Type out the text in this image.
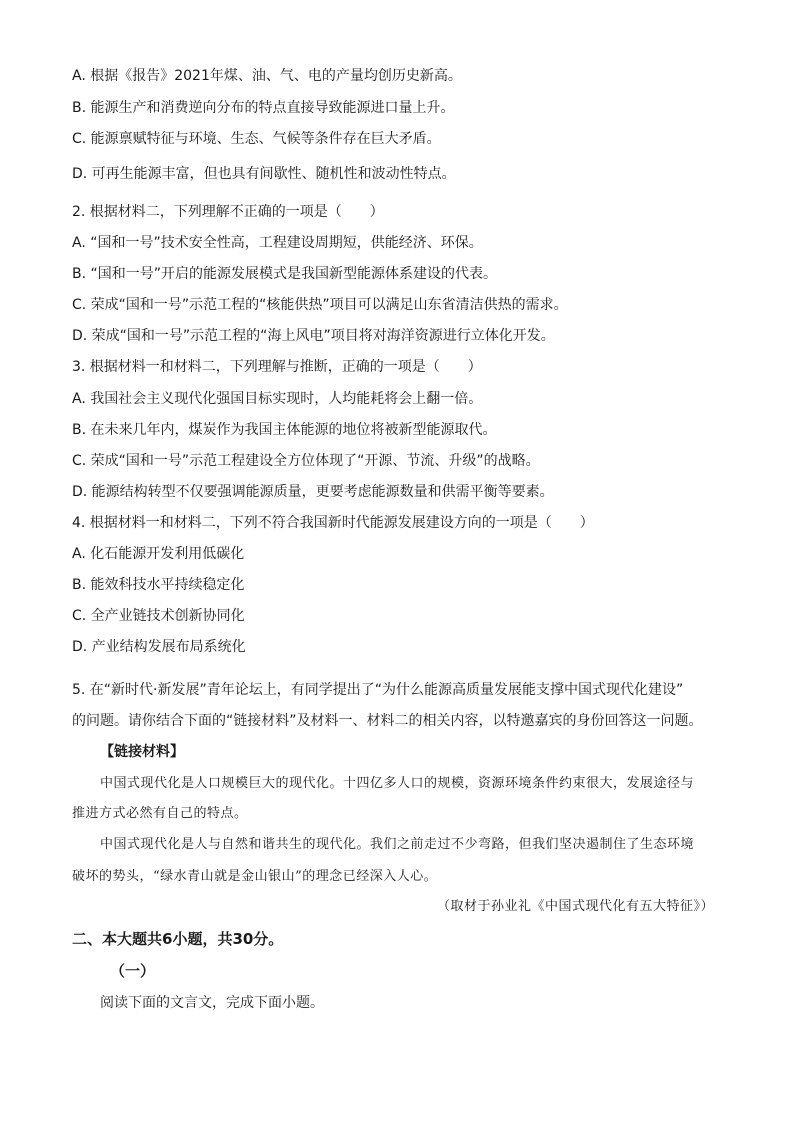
A. 根据《报告》2021年煤、油、气、电的产量均创历史新高。
B. 能源生产和消费逆向分布的特点直接导致能源进口量上升。
C. 能源禀赋特征与环境、生态、气候等条件存在巨大矛盾。
D. 可再生能源丰富，但也具有间歇性、随机性和波动性特点。
2. 根据材料二，下列理解不正确的一项是（　　）
A. “国和一号”技术安全性高，工程建设周期短，供能经济、环保。
B. “国和一号”开启的能源发展模式是我国新型能源体系建设的代表。
C. 荣成“国和一号”示范工程的“核能供热”项目可以满足山东省清洁供热的需求。
D. 荣成“国和一号”示范工程的“海上风电”项目将对海洋资源进行立体化开发。
3. 根据材料一和材料二，下列理解与推断，正确的一项是（　　）
A. 我国社会主义现代化强国目标实现时，人均能耗将会上翻一倍。
B. 在未来几年内，煤炭作为我国主体能源的地位将被新型能源取代。
C. 荣成“国和一号”示范工程建设全方位体现了“开源、节流、升级”的战略。
D. 能源结构转型不仅要强调能源质量，更要考虑能源数量和供需平衡等要素。
4. 根据材料一和材料二，下列不符合我国新时代能源发展建设方向的一项是（　　）
A. 化石能源开发利用低碳化
B. 能效科技水平持续稳定化
C. 全产业链技术创新协同化
D. 产业结构发展布局系统化
5. 在“新时代·新发展”青年论坛上，有同学提出了“为什么能源高质量发展能支撑中国式现代化建设”
的问题。请你结合下面的“链接材料”及材料一、材料二的相关内容，以特邀嘉宾的身份回答这一问题。
【链接材料】
中国式现代化是人口规模巨大的现代化。十四亿多人口的规模，资源环境条件约束很大，发展途径与
推进方式必然有自己的特点。
中国式现代化是人与自然和谐共生的现代化。我们之前走过不少弯路，但我们坚决遏制住了生态环境
破坏的势头，“绿水青山就是金山银山”的理念已经深入人心。
（取材于孙业礼《中国式现代化有五大特征》）
二、本大题共6小题，共30分。
（一）
阅读下面的文言文，完成下面小题。
